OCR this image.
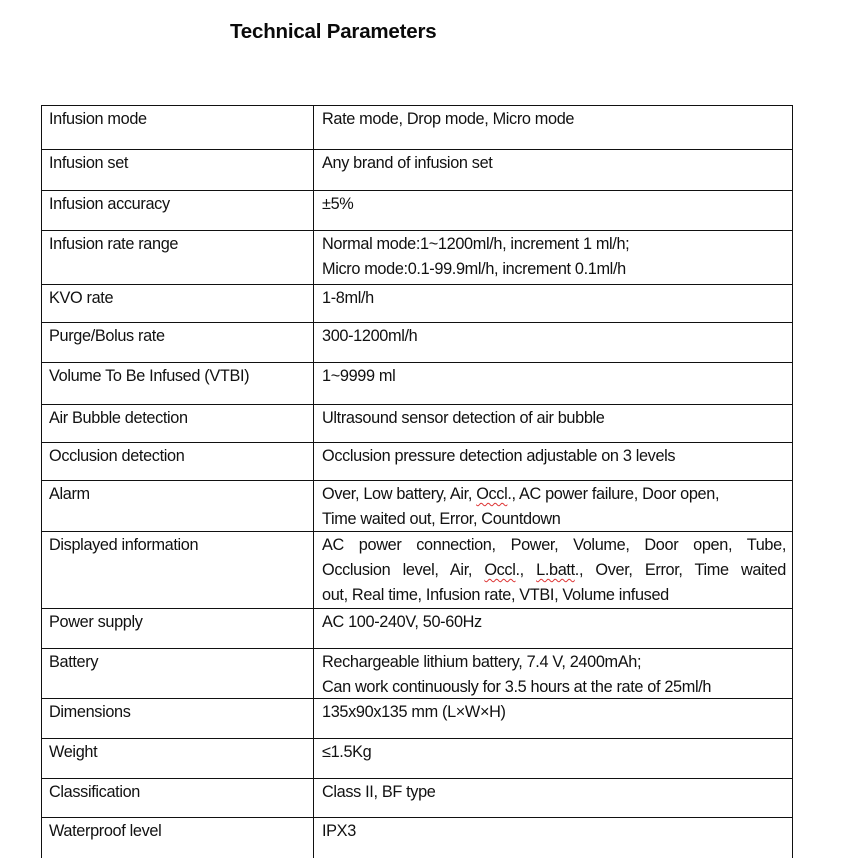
Technical Parameters
Infusion mode	Rate mode, Drop mode, Micro mode
Infusion set	Any brand of infusion set
Infusion accuracy	±5%
Infusion rate range	Normal mode:1~1200ml/h, increment 1 ml/h;
Micro mode:0.1-99.9ml/h, increment 0.1ml/h
KVO rate	1-8ml/h
Purge/Bolus rate	300-1200ml/h
Volume To Be Infused (VTBI)	1~9999 ml
Air Bubble detection	Ultrasound sensor detection of air bubble
Occlusion detection	Occlusion pressure detection adjustable on 3 levels
Alarm	Over, Low battery, Air, Occl., AC power failure, Door open,
Time waited out, Error, Countdown
Displayed information	AC power connection, Power, Volume, Door open, Tube,
Occlusion level, Air, Occl., L.batt., Over, Error, Time waited
out, Real time, Infusion rate, VTBI, Volume infused
Power supply	AC 100-240V, 50-60Hz
Battery	Rechargeable lithium battery, 7.4 V, 2400mAh;
Can work continuously for 3.5 hours at the rate of 25ml/h
Dimensions	135x90x135 mm (L×W×H)
Weight	≤1.5Kg
Classification	Class II, BF type
Waterproof level	IPX3
